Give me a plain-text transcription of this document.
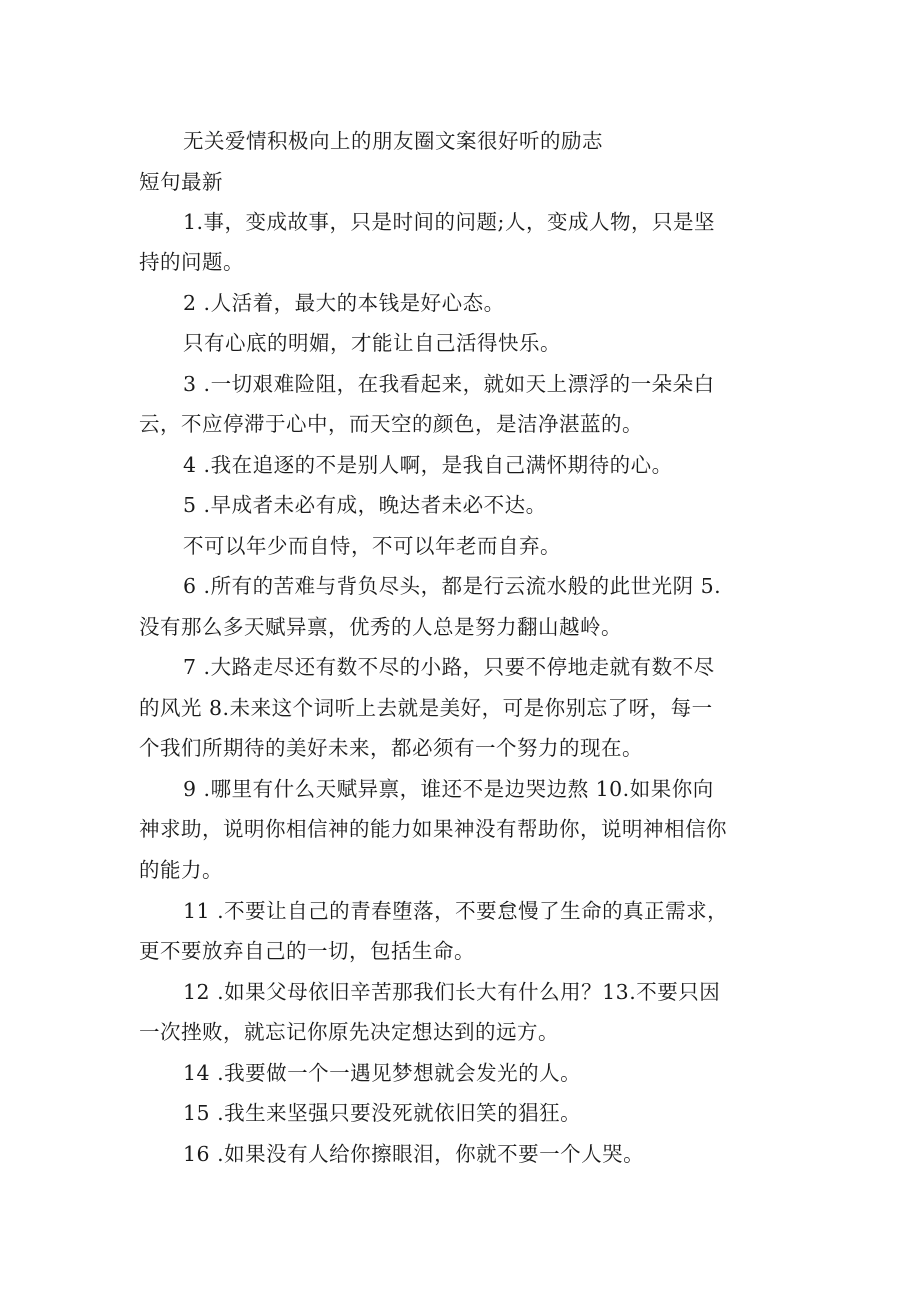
无关爱情积极向上的朋友圈文案很好听的励志
短句最新
1.事，变成故事，只是时间的问题;人，变成人物，只是坚
持的问题。
2 .人活着，最大的本钱是好心态。
只有心底的明媚，才能让自己活得快乐。
3 .一切艰难险阻，在我看起来，就如天上漂浮的一朵朵白
云，不应停滞于心中，而天空的颜色，是洁净湛蓝的。
4 .我在追逐的不是别人啊，是我自己满怀期待的心。
5 .早成者未必有成，晚达者未必不达。
不可以年少而自恃，不可以年老而自弃。
6 .所有的苦难与背负尽头，都是行云流水般的此世光阴 5.
没有那么多天赋异禀，优秀的人总是努力翻山越岭。
7 .大路走尽还有数不尽的小路，只要不停地走就有数不尽
的风光 8.未来这个词听上去就是美好，可是你别忘了呀，每一
个我们所期待的美好未来，都必须有一个努力的现在。
9 .哪里有什么天赋异禀，谁还不是边哭边熬 10.如果你向
神求助，说明你相信神的能力如果神没有帮助你，说明神相信你
的能力。
11 .不要让自己的青春堕落，不要怠慢了生命的真正需求，
更不要放弃自己的一切，包括生命。
12 .如果父母依旧辛苦那我们长大有什么用？13.不要只因
一次挫败，就忘记你原先决定想达到的远方。
14 .我要做一个一遇见梦想就会发光的人。
15 .我生来坚强只要没死就依旧笑的猖狂。
16 .如果没有人给你擦眼泪，你就不要一个人哭。
